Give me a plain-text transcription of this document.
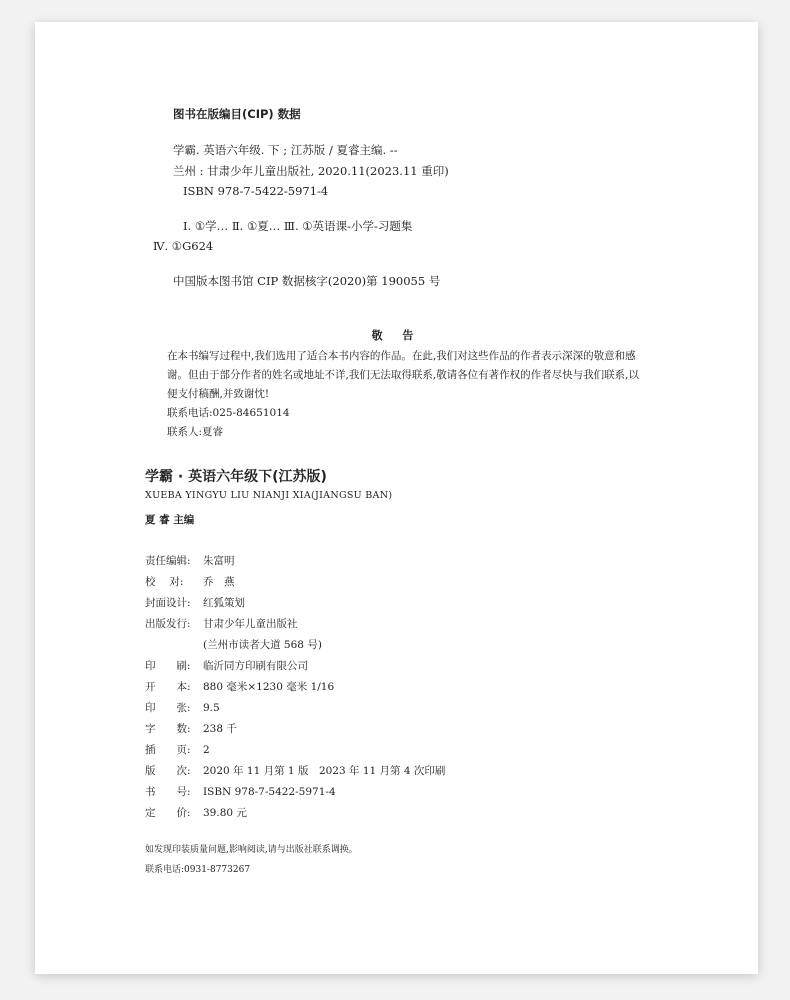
图书在版编目(CIP) 数据
学霸. 英语六年级. 下 ; 江苏版 / 夏睿主编. --
兰州 : 甘肃少年儿童出版社, 2020.11(2023.11 重印)
ISBN 978-7-5422-5971-4
Ⅰ. ①学… Ⅱ. ①夏… Ⅲ. ①英语课-小学-习题集
Ⅳ. ①G624
中国版本图书馆 CIP 数据核字(2020)第 190055 号
敬 告

在本书编写过程中,我们选用了适合本书内容的作品。在此,我们对这些作品的作者表示深深的敬意和感谢。但由于部分作者的姓名或地址不详,我们无法取得联系,敬请各位有著作权的作者尽快与我们联系,以便支付稿酬,并致谢忱!

联系电话:025-84651014

联系人:夏睿

学霸 · 英语六年级下(江苏版)
XUEBA YINGYU LIU NIANJI XIA(JIANGSU BAN)
夏 睿 主编
责任编辑:	朱富明
校　 对:	乔　燕
封面设计:	红狐策划
出版发行:	甘肃少年儿童出版社
(兰州市读者大道 568 号)
印　　刷:	临沂同方印刷有限公司
开　　本:	880 毫米×1230 毫米 1/16
印　　张:	9.5
字　　数:	238 千
插　　页:	2
版　　次:	2020 年 11 月第 1 版　2023 年 11 月第 4 次印刷
书　　号:	ISBN 978-7-5422-5971-4
定　　价:	39.80 元
如发现印装质量问题,影响阅读,请与出版社联系调换。
联系电话:0931-8773267
